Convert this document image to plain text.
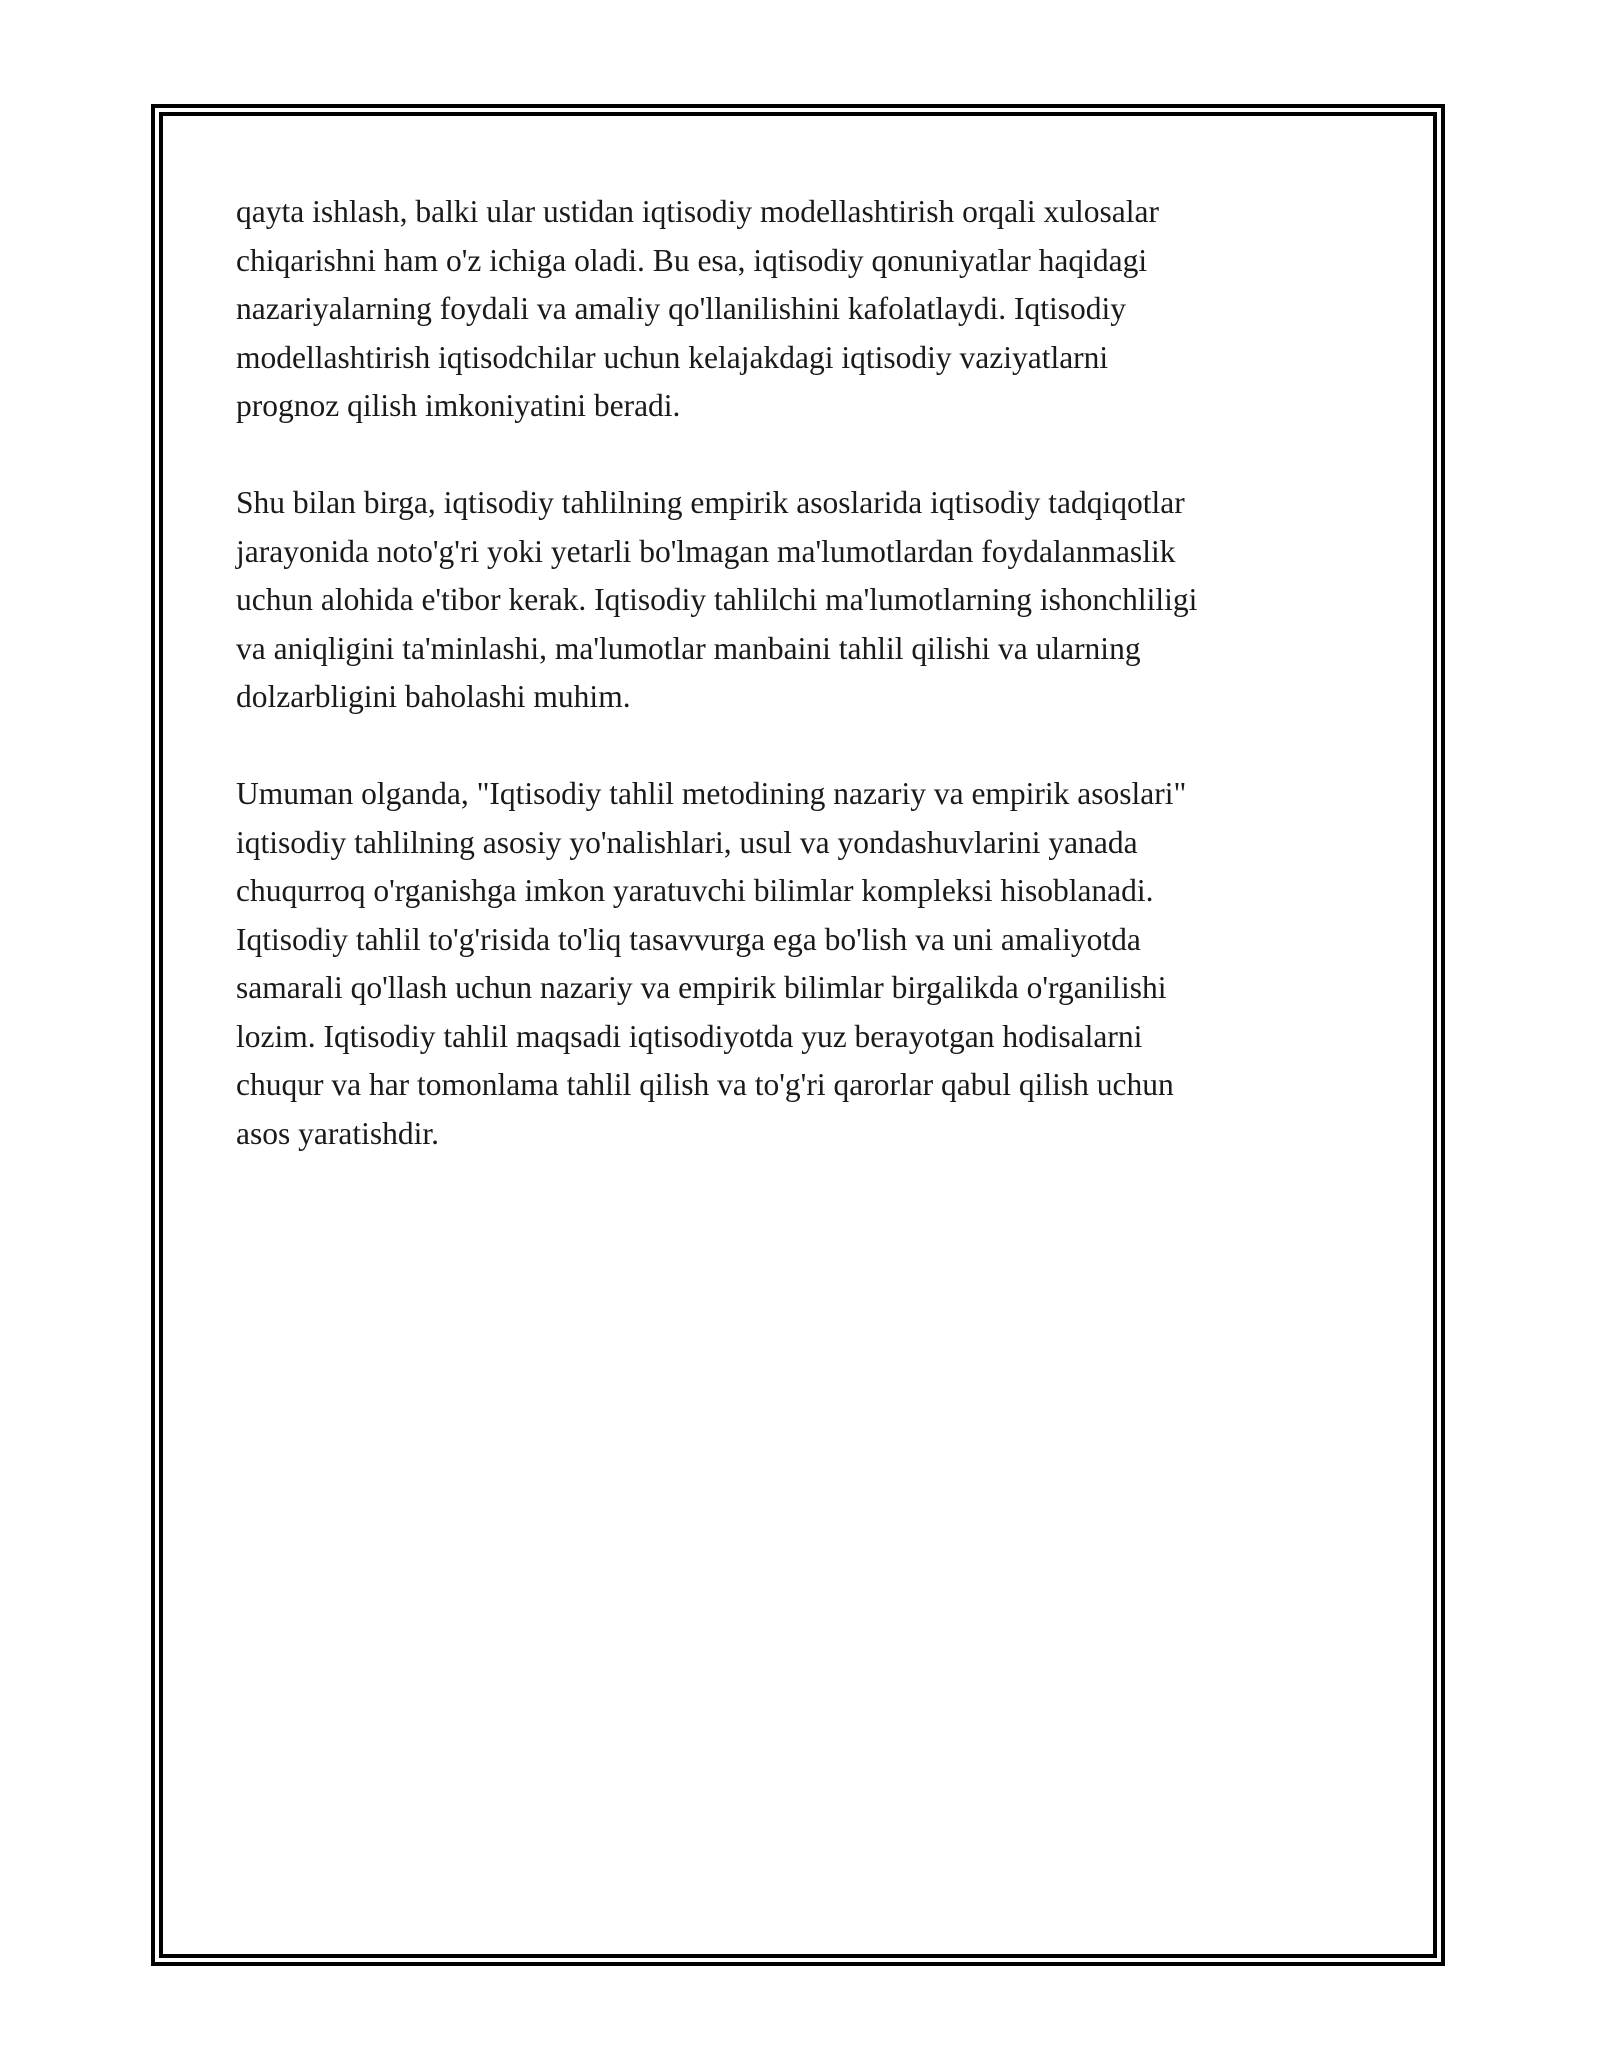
qayta ishlash, balki ular ustidan iqtisodiy modellashtirish orqali xulosalar
chiqarishni ham o'z ichiga oladi. Bu esa, iqtisodiy qonuniyatlar haqidagi
nazariyalarning foydali va amaliy qo'llanilishini kafolatlaydi. Iqtisodiy
modellashtirish iqtisodchilar uchun kelajakdagi iqtisodiy vaziyatlarni
prognoz qilish imkoniyatini beradi.
Shu bilan birga, iqtisodiy tahlilning empirik asoslarida iqtisodiy tadqiqotlar
jarayonida noto'g'ri yoki yetarli bo'lmagan ma'lumotlardan foydalanmaslik
uchun alohida e'tibor kerak. Iqtisodiy tahlilchi ma'lumotlarning ishonchliligi
va aniqligini ta'minlashi, ma'lumotlar manbaini tahlil qilishi va ularning
dolzarbligini baholashi muhim.
Umuman olganda, "Iqtisodiy tahlil metodining nazariy va empirik asoslari"
iqtisodiy tahlilning asosiy yo'nalishlari, usul va yondashuvlarini yanada
chuqurroq o'rganishga imkon yaratuvchi bilimlar kompleksi hisoblanadi.
Iqtisodiy tahlil to'g'risida to'liq tasavvurga ega bo'lish va uni amaliyotda
samarali qo'llash uchun nazariy va empirik bilimlar birgalikda o'rganilishi
lozim. Iqtisodiy tahlil maqsadi iqtisodiyotda yuz berayotgan hodisalarni
chuqur va har tomonlama tahlil qilish va to'g'ri qarorlar qabul qilish uchun
asos yaratishdir.
